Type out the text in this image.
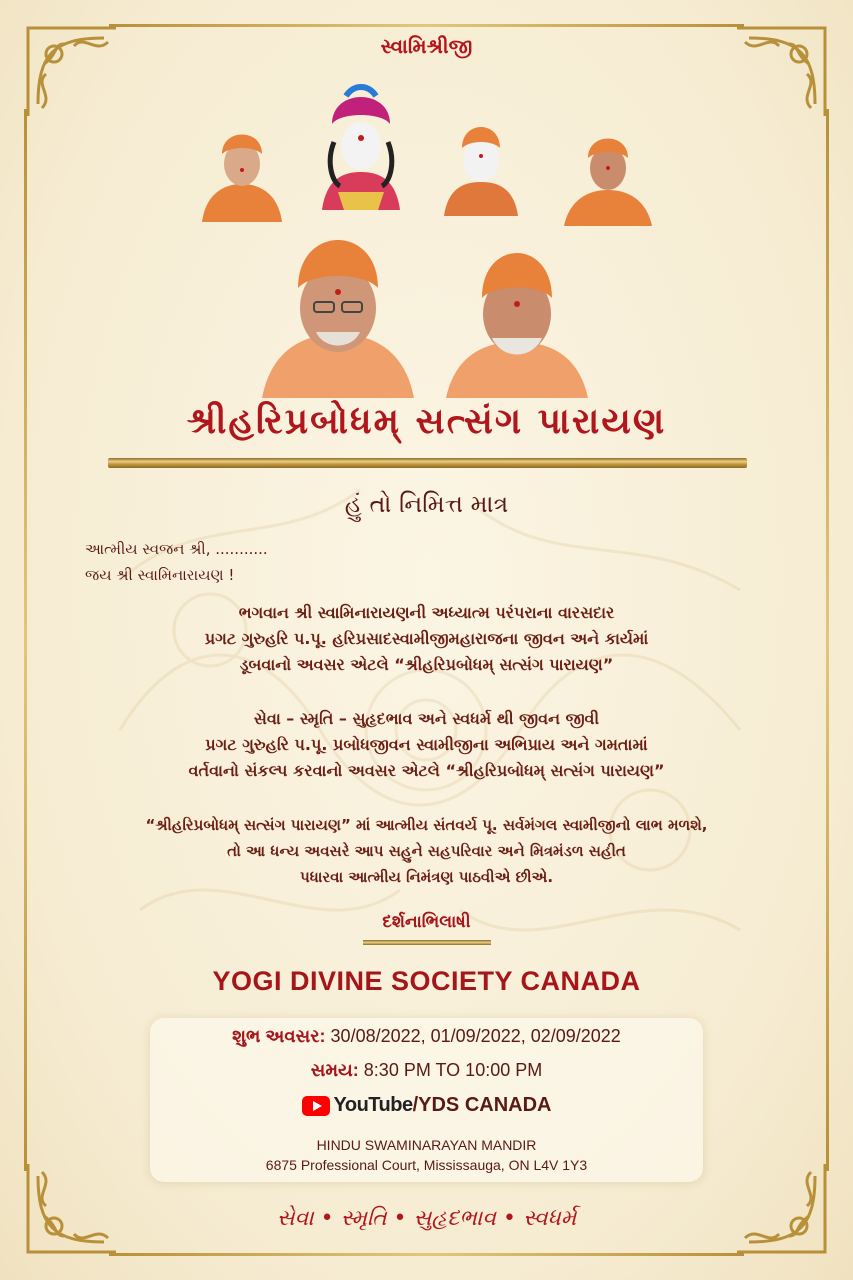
સ્વામિશ્રીજી
શ્રીહરિપ્રબોધમ્ સત્સંગ પારાયણ
હું તો નિમિત્ત માત્ર
આત્મીય સ્વજન શ્રી, ...........
જય શ્રી સ્વામિનારાયણ !
ભગવાન શ્રી સ્વામિનારાયણની અધ્યાત્મ પરંપરાના વારસદાર
પ્રગટ ગુરુહરિ પ.પૂ. હરિપ્રસાદસ્વામીજીમહારાજના જીવન અને કાર્યમાં
ડૂબવાનો અવસર એટલે “શ્રીહરિપ્રબોધમ્ સત્સંગ પારાયણ”
સેવા – સ્મૃતિ – સુહૃદભાવ અને સ્વધર્મ થી જીવન જીવી
પ્રગટ ગુરુહરિ પ.પૂ. પ્રબોધજીવન સ્વામીજીના અભિપ્રાય અને ગમતામાં
વર્તવાનો સંકલ્પ કરવાનો અવસર એટલે “શ્રીહરિપ્રબોધમ્ સત્સંગ પારાયણ”
“શ્રીહરિપ્રબોધમ્ સત્સંગ પારાયણ” માં આત્મીય સંતવર્ય પૂ. સર્વમંગલ સ્વામીજીનો લાભ મળશે,
તો આ ધન્ય અવસરે આપ સહુને સહપરિવાર અને મિત્રમંડળ સહીત
પધારવા આત્મીય નિમંત્રણ પાઠવીએ છીએ.
દર્શનાભિલાષી
YOGI DIVINE SOCIETY CANADA
શુભ અવસર: 30/08/2022, 01/09/2022, 02/09/2022
સમય: 8:30 PM TO 10:00 PM
YouTube/YDS CANADA
HINDU SWAMINARAYAN MANDIR
6875 Professional Court, Mississauga, ON L4V 1Y3
સેવા • સ્મૃતિ • સુહૃદભાવ • સ્વધર્મ
